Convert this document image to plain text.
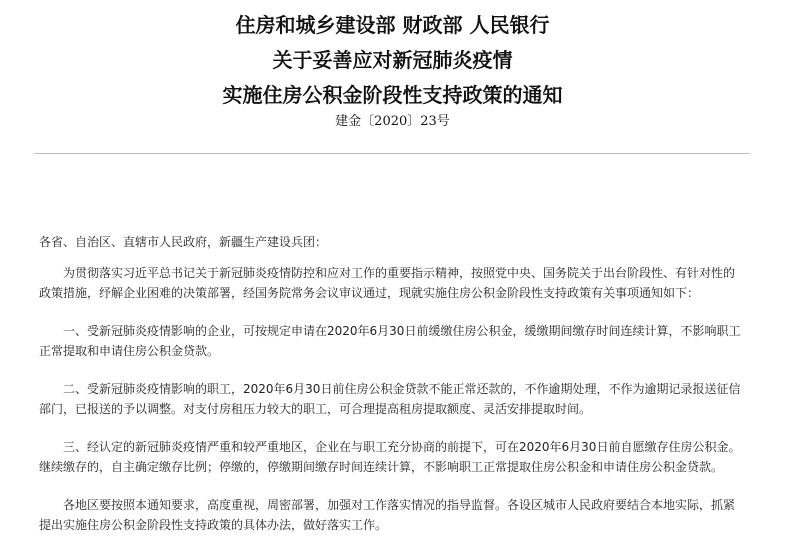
住房和城乡建设部 财政部 人民银行
关于妥善应对新冠肺炎疫情
实施住房公积金阶段性支持政策的通知
建金〔2020〕23号
各省、自治区、直辖市人民政府，新疆生产建设兵团：
为贯彻落实习近平总书记关于新冠肺炎疫情防控和应对工作的重要指示精神，按照党中央、国务院关于出台阶段性、有针对性的
政策措施，纾解企业困难的决策部署，经国务院常务会议审议通过，现就实施住房公积金阶段性支持政策有关事项通知如下：
一、受新冠肺炎疫情影响的企业，可按规定申请在2020年6月30日前缓缴住房公积金，缓缴期间缴存时间连续计算，不影响职工
正常提取和申请住房公积金贷款。
二、受新冠肺炎疫情影响的职工，2020年6月30日前住房公积金贷款不能正常还款的，不作逾期处理，不作为逾期记录报送征信
部门，已报送的予以调整。对支付房租压力较大的职工，可合理提高租房提取额度、灵活安排提取时间。
三、经认定的新冠肺炎疫情严重和较严重地区，企业在与职工充分协商的前提下，可在2020年6月30日前自愿缴存住房公积金。
继续缴存的，自主确定缴存比例；停缴的，停缴期间缴存时间连续计算，不影响职工正常提取住房公积金和申请住房公积金贷款。
各地区要按照本通知要求，高度重视，周密部署，加强对工作落实情况的指导监督。各设区城市人民政府要结合本地实际，抓紧
提出实施住房公积金阶段性支持政策的具体办法，做好落实工作。
